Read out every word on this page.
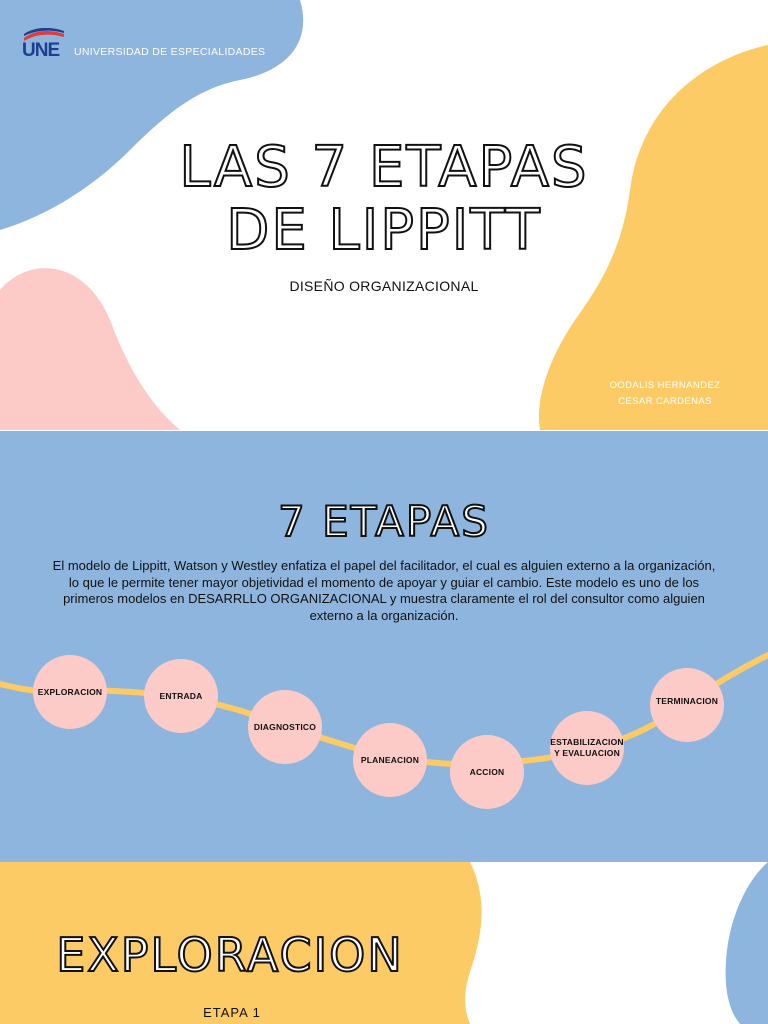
UNE UNIVERSIDAD DE ESPECIALIDADES
LAS 7 ETAPAS
DE LIPPITT
DISEÑO ORGANIZACIONAL
OODALIS HERNANDEZ
CESAR CARDENAS
7 ETAPAS

El modelo de Lippitt, Watson y Westley enfatiza el papel del facilitador, el cual es alguien externo a la organización, lo que le permite tener mayor objetividad el momento de apoyar y guiar el cambio. Este modelo es uno de los primeros modelos en DESARRLLO ORGANIZACIONAL y muestra claramente el rol del consultor como alguien externo a la organización.

EXPLORACION	ENTRADA
DIAGNOSTICO
PLANEACION
ACCION
ESTABILIZACION Y EVALUACION
TERMINACION
EXPLORACION
ETAPA 1
